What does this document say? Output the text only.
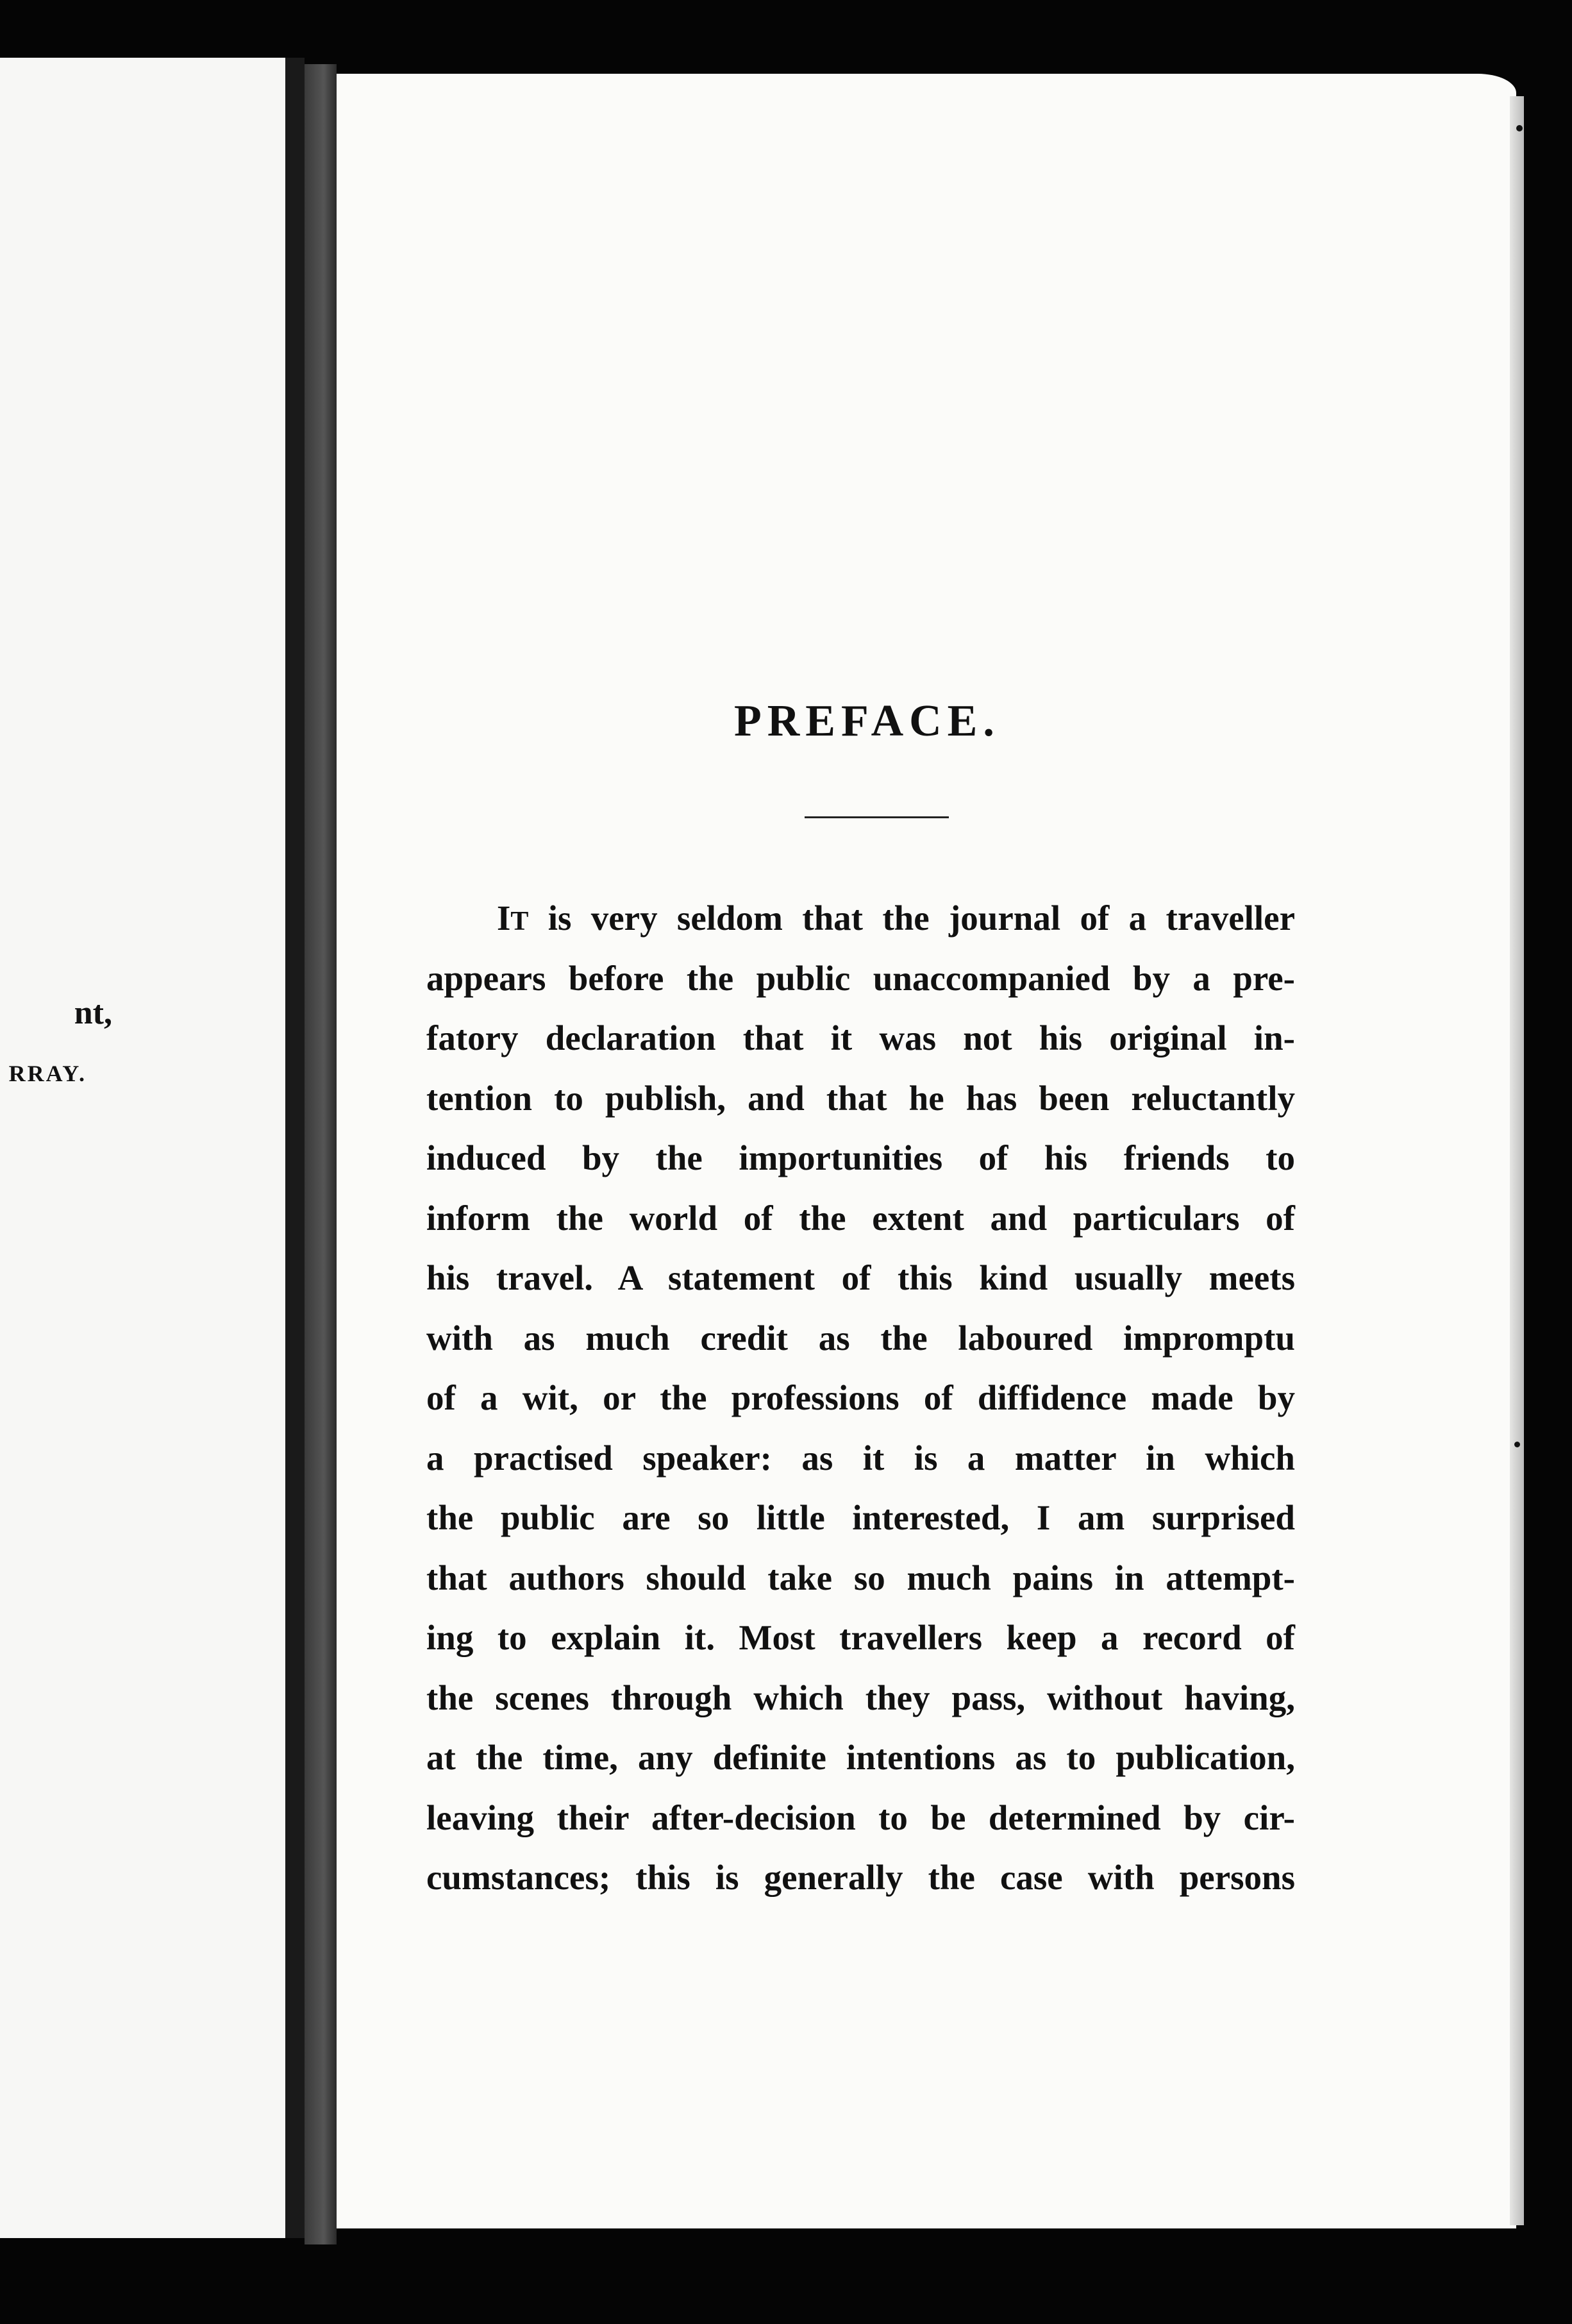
nt,
RRAY.
PREFACE.
IT is very seldom that the journal of a traveller
appears before the public unaccompanied by a pre-
fatory declaration that it was not his original in-
tention to publish, and that he has been reluctantly
induced by the importunities of his friends to
inform the world of the extent and particulars of
his travel. A statement of this kind usually meets
with as much credit as the laboured impromptu
of a wit, or the professions of diffidence made by
a practised speaker: as it is a matter in which
the public are so little interested, I am surprised
that authors should take so much pains in attempt-
ing to explain it. Most travellers keep a record of
the scenes through which they pass, without having,
at the time, any definite intentions as to publication,
leaving their after-decision to be determined by cir-
cumstances; this is generally the case with persons
